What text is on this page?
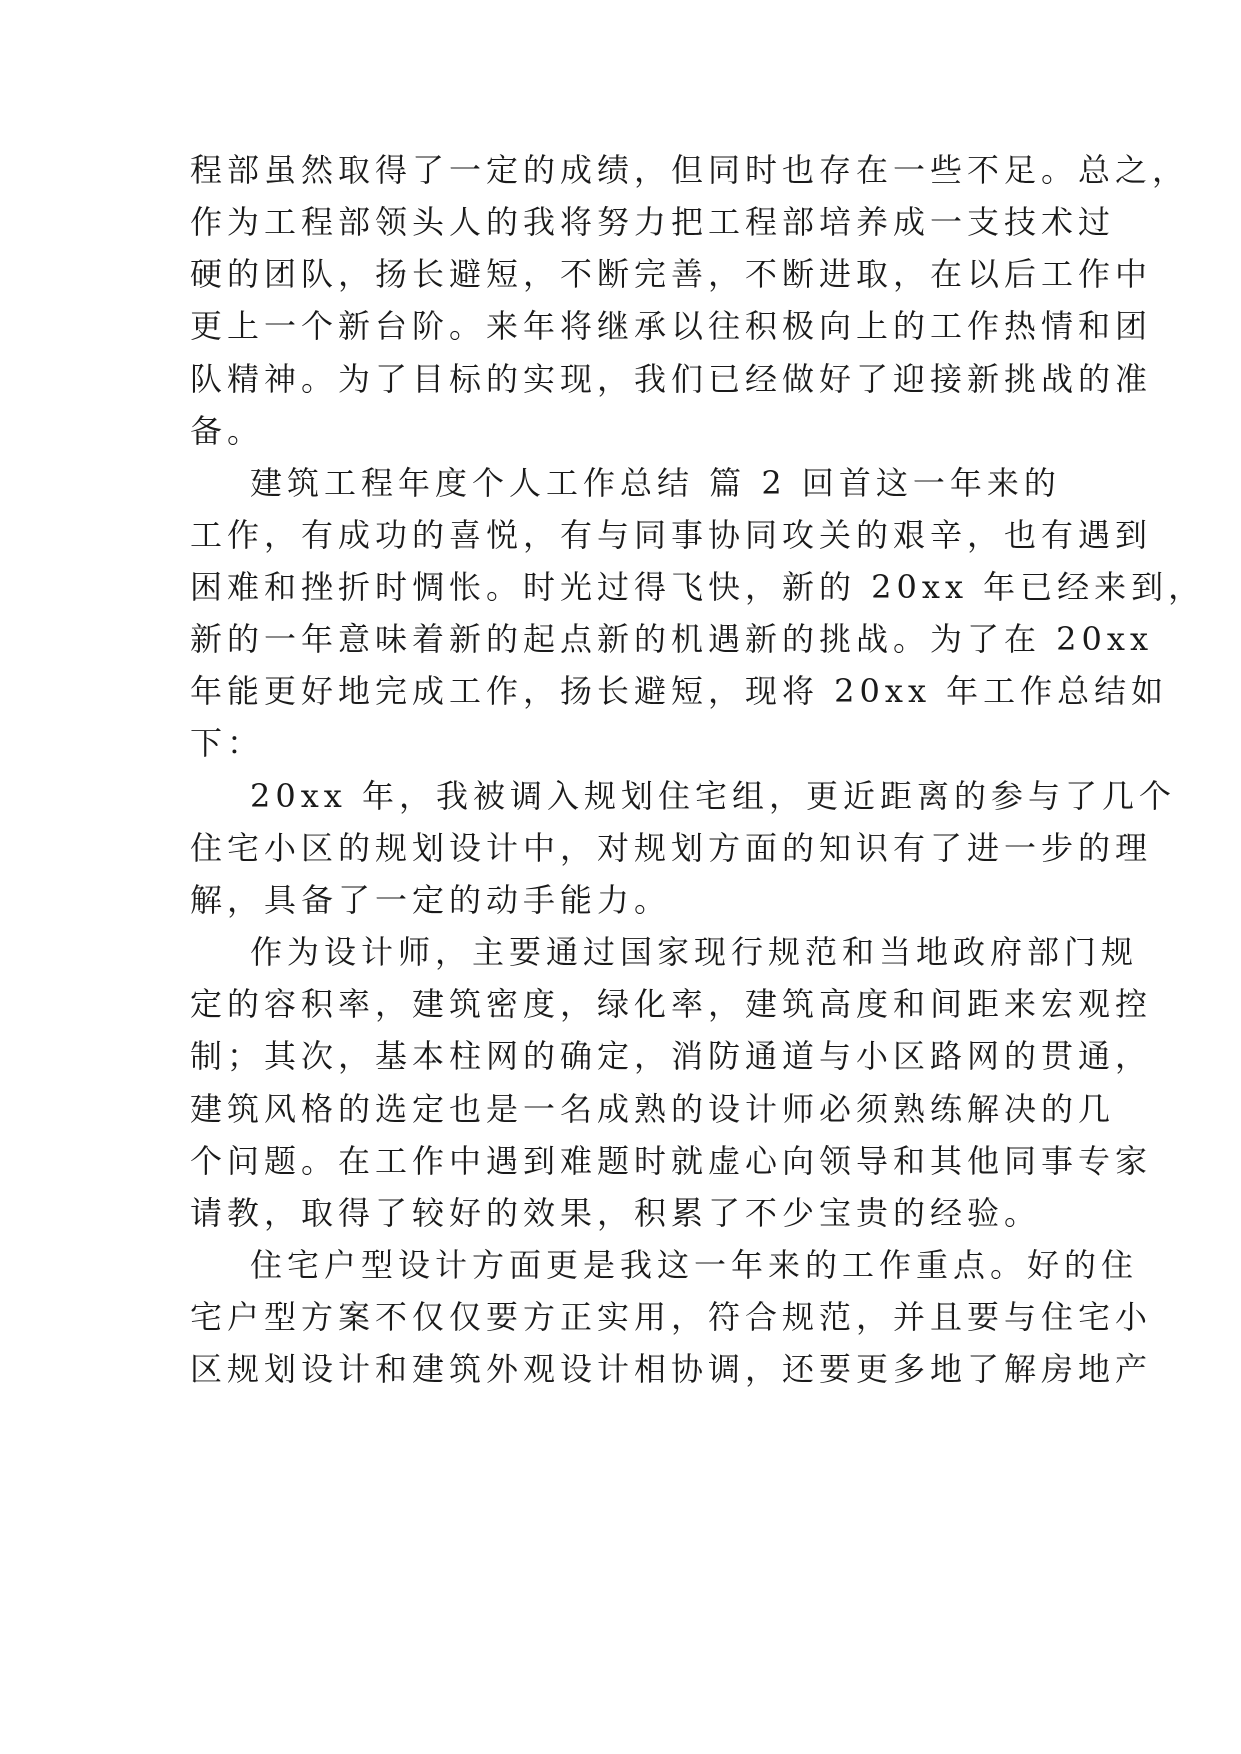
程部虽然取得了一定的成绩，但同时也存在一些不足。总之，
作为工程部领头人的我将努力把工程部培养成一支技术过
硬的团队，扬长避短，不断完善，不断进取，在以后工作中
更上一个新台阶。来年将继承以往积极向上的工作热情和团
队精神。为了目标的实现，我们已经做好了迎接新挑战的准
备。
建筑工程年度个人工作总结 篇 2 回首这一年来的
工作，有成功的喜悦，有与同事协同攻关的艰辛，也有遇到
困难和挫折时惆怅。时光过得飞快，新的 20xx 年已经来到，
新的一年意味着新的起点新的机遇新的挑战。为了在 20xx
年能更好地完成工作，扬长避短，现将 20xx 年工作总结如
下：
20xx 年，我被调入规划住宅组，更近距离的参与了几个
住宅小区的规划设计中，对规划方面的知识有了进一步的理
解，具备了一定的动手能力。
作为设计师，主要通过国家现行规范和当地政府部门规
定的容积率，建筑密度，绿化率，建筑高度和间距来宏观控
制；其次，基本柱网的确定，消防通道与小区路网的贯通，
建筑风格的选定也是一名成熟的设计师必须熟练解决的几
个问题。在工作中遇到难题时就虚心向领导和其他同事专家
请教，取得了较好的效果，积累了不少宝贵的经验。
住宅户型设计方面更是我这一年来的工作重点。好的住
宅户型方案不仅仅要方正实用，符合规范，并且要与住宅小
区规划设计和建筑外观设计相协调，还要更多地了解房地产
